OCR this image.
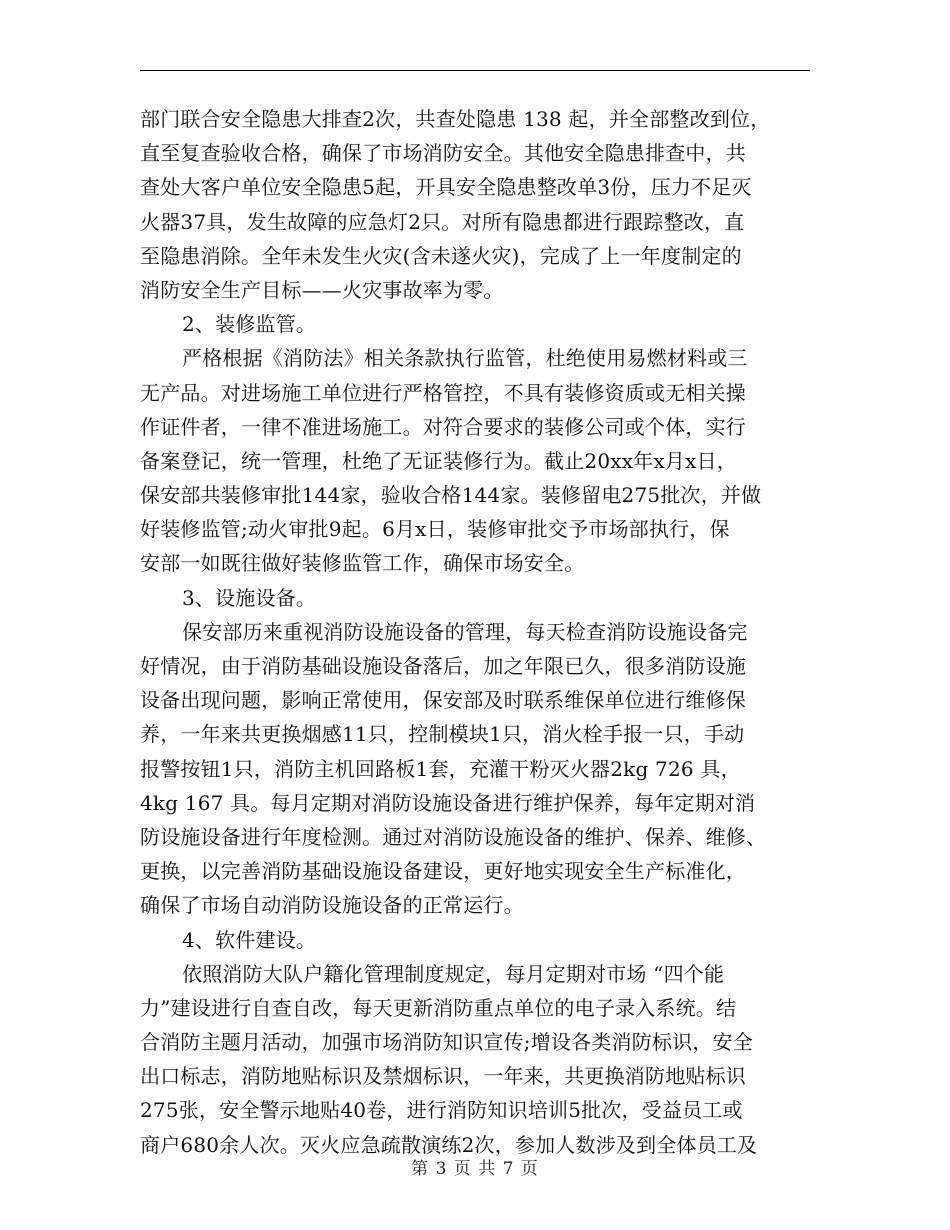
部门联合安全隐患大排查2次，共查处隐患 138 起，并全部整改到位，
直至复查验收合格，确保了市场消防安全。其他安全隐患排查中，共
查处大客户单位安全隐患5起，开具安全隐患整改单3份，压力不足灭
火器37具，发生故障的应急灯2只。对所有隐患都进行跟踪整改，直
至隐患消除。全年未发生火灾(含未遂火灾)，完成了上一年度制定的
消防安全生产目标——火灾事故率为零。
2、装修监管。
严格根据《消防法》相关条款执行监管，杜绝使用易燃材料或三
无产品。对进场施工单位进行严格管控，不具有装修资质或无相关操
作证件者，一律不准进场施工。对符合要求的装修公司或个体，实行
备案登记，统一管理，杜绝了无证装修行为。截止20xx年x月x日，
保安部共装修审批144家，验收合格144家。装修留电275批次，并做
好装修监管;动火审批9起。6月x日，装修审批交予市场部执行，保
安部一如既往做好装修监管工作，确保市场安全。
3、设施设备。
保安部历来重视消防设施设备的管理，每天检查消防设施设备完
好情况，由于消防基础设施设备落后，加之年限已久，很多消防设施
设备出现问题，影响正常使用，保安部及时联系维保单位进行维修保
养，一年来共更换烟感11只，控制模块1只，消火栓手报一只，手动
报警按钮1只，消防主机回路板1套，充灌干粉灭火器2kg 726 具，
4kg 167 具。每月定期对消防设施设备进行维护保养，每年定期对消
防设施设备进行年度检测。通过对消防设施设备的维护、保养、维修、
更换，以完善消防基础设施设备建设，更好地实现安全生产标准化，
确保了市场自动消防设施设备的正常运行。
4、软件建设。
依照消防大队户籍化管理制度规定，每月定期对市场 “四个能
力”建设进行自查自改，每天更新消防重点单位的电子录入系统。结
合消防主题月活动，加强市场消防知识宣传;增设各类消防标识，安全
出口标志，消防地贴标识及禁烟标识，一年来，共更换消防地贴标识
275张，安全警示地贴40卷，进行消防知识培训5批次，受益员工或
商户680余人次。灭火应急疏散演练2次，参加人数涉及到全体员工及
第 3 页 共 7 页
